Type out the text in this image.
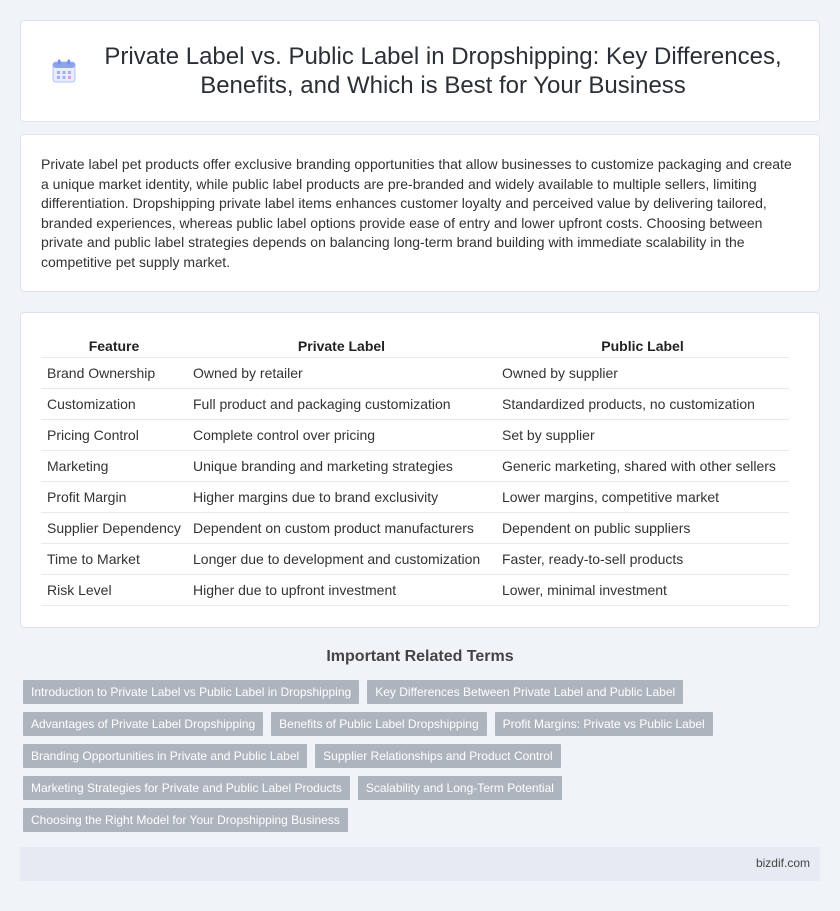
Private Label vs. Public Label in Dropshipping: Key Differences, Benefits, and Which is Best for Your Business

Private label pet products offer exclusive branding opportunities that allow businesses to customize packaging and create a unique market identity, while public label products are pre-branded and widely available to multiple sellers, limiting differentiation. Dropshipping private label items enhances customer loyalty and perceived value by delivering tailored, branded experiences, whereas public label options provide ease of entry and lower upfront costs. Choosing between private and public label strategies depends on balancing long-term brand building with immediate scalability in the competitive pet supply market.

Feature	Private Label	Public Label
Brand Ownership	Owned by retailer	Owned by supplier
Customization	Full product and packaging customization	Standardized products, no customization
Pricing Control	Complete control over pricing	Set by supplier
Marketing	Unique branding and marketing strategies	Generic marketing, shared with other sellers
Profit Margin	Higher margins due to brand exclusivity	Lower margins, competitive market
Supplier Dependency	Dependent on custom product manufacturers	Dependent on public suppliers
Time to Market	Longer due to development and customization	Faster, ready-to-sell products
Risk Level	Higher due to upfront investment	Lower, minimal investment
Important Related Terms
Introduction to Private Label vs Public Label in Dropshipping	Key Differences Between Private Label and Public Label
Advantages of Private Label Dropshipping	Benefits of Public Label Dropshipping	Profit Margins: Private vs Public Label
Branding Opportunities in Private and Public Label	Supplier Relationships and Product Control
Marketing Strategies for Private and Public Label Products	Scalability and Long-Term Potential
Choosing the Right Model for Your Dropshipping Business
bizdif.com
